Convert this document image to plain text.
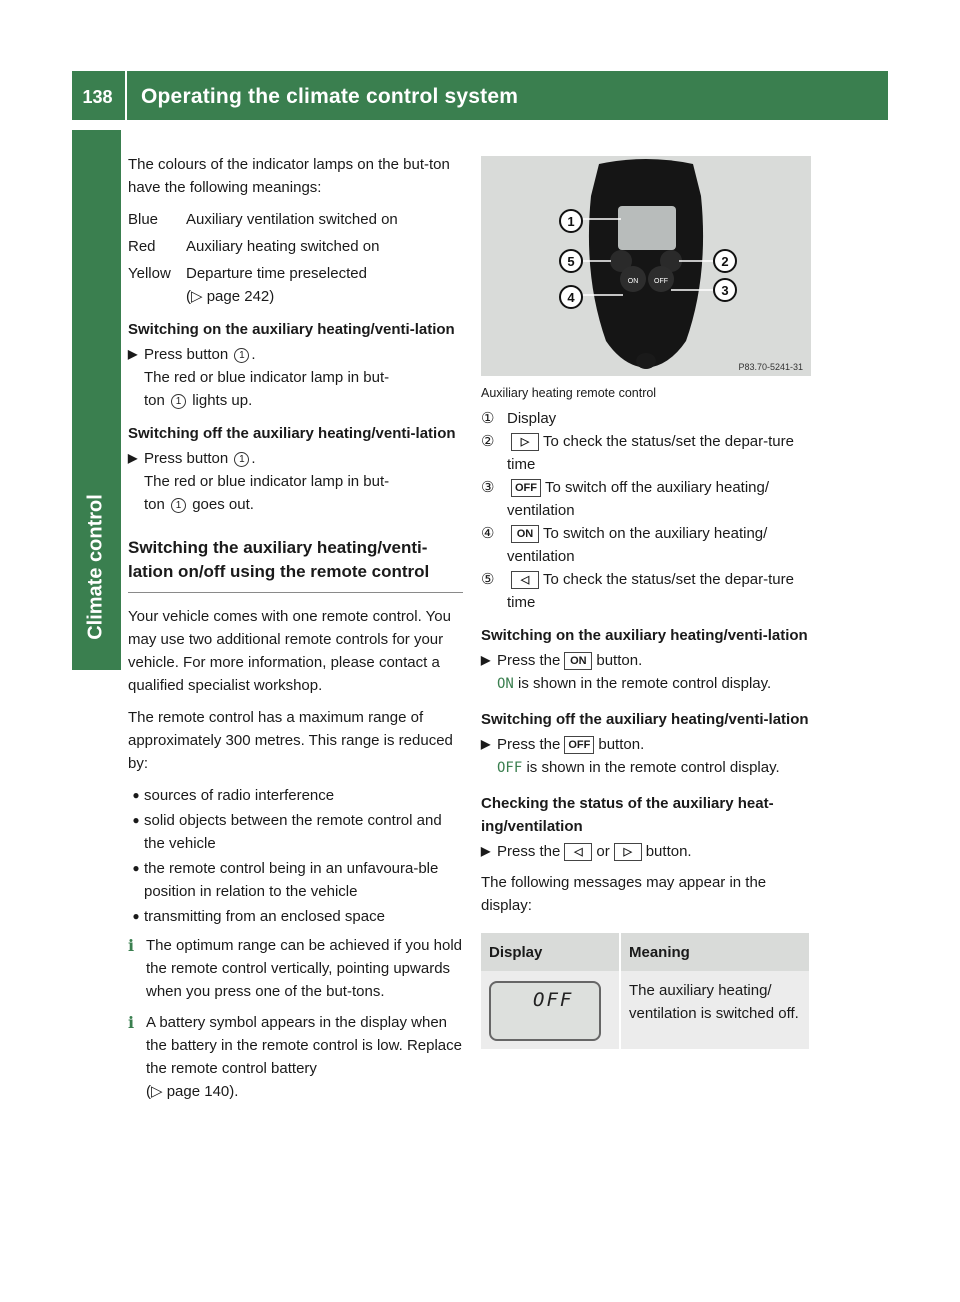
138	Operating the climate control system
Climate control

The colours of the indicator lamps on the but-ton have the following meanings:

Blue	Auxiliary ventilation switched on
Red	Auxiliary heating switched on
Yellow	Departure time preselected
(▷ page 242)

Switching on the auxiliary heating/venti-lation

▶ Press button 1 .
The red or blue indicator lamp in but-
ton 1 lights up.

Switching off the auxiliary heating/venti-lation

▶ Press button 1 .
The red or blue indicator lamp in but-
ton 1 goes out.

Switching the auxiliary heating/venti-lation on/off using the remote control

Your vehicle comes with one remote control. You may use two additional remote controls for your vehicle. For more information, please contact a qualified specialist workshop.

The remote control has a maximum range of approximately 300 metres. This range is reduced by:

● sources of radio interference
● solid objects between the remote control and the vehicle
● the remote control being in an unfavoura-ble position in relation to the vehicle
● transmitting from an enclosed space
i The optimum range can be achieved if you hold the remote control vertically, pointing upwards when you press one of the but-tons.
i A battery symbol appears in the display when the battery in the remote control is low. Replace the remote control battery
(▷ page 140).
ON OFF
1
2
3
4
5
P83.70-5241-31

Auxiliary heating remote control

① Display
②	▷ To check the status/set the depar-ture time
③	OFF To switch off the auxiliary heating/ ventilation
④	ON To switch on the auxiliary heating/ ventilation
⑤	◁ To check the status/set the depar-ture time

Switching on the auxiliary heating/venti-lation

▶ Press the ON button.
ON is shown in the remote control display.

Switching off the auxiliary heating/venti-lation

▶ Press the OFF button.
OFF is shown in the remote control display.

Checking the status of the auxiliary heat-ing/ventilation

▶ Press the ◁ or ▷ button.

The following messages may appear in the display:

Display	Meaning

OFF	The auxiliary heating/ ventilation is switched off.
